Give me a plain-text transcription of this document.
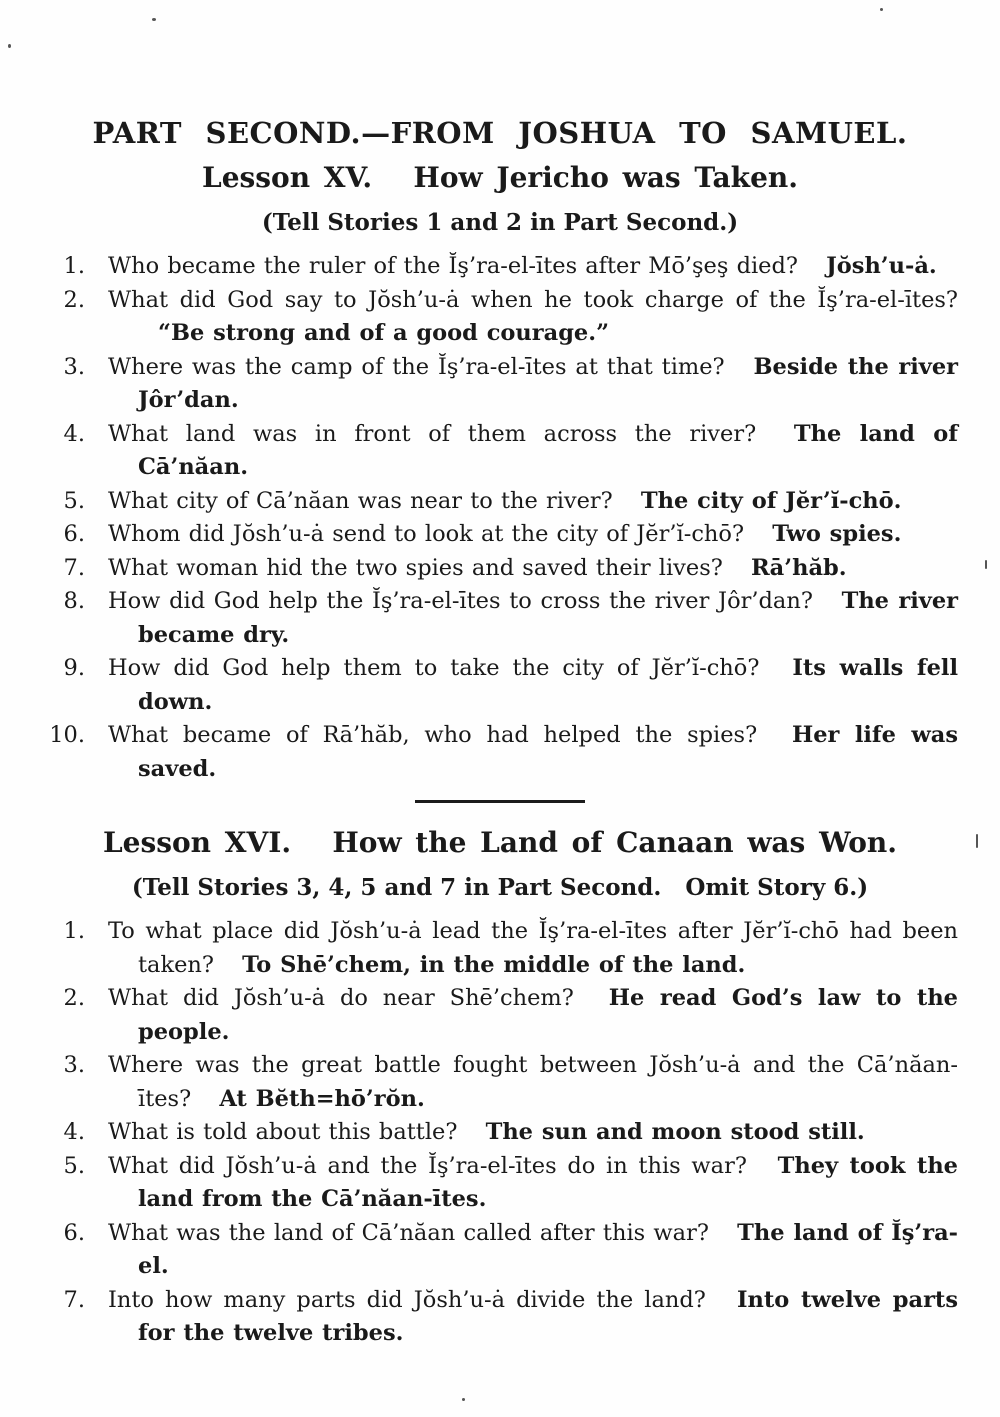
PART SECOND.—FROM JOSHUA TO SAMUEL.
Lesson XV.   How Jericho was Taken.

(Tell Stories 1 and 2 in Part Second.)

1. Who became the ruler of the Ĭş’ra-el-ītes after Mō’şeş died? Jŏsh’u-ȧ.

2. What did God say to Jŏsh’u-ȧ when he took charge of the Ĭş’ra-el-ītes? “Be strong and of a good courage.”

3. Where was the camp of the Ĭş’ra-el-ītes at that time? Beside the river Jôr’dan.

4. What land was in front of them across the river? The land of Cā’năan.

5. What city of Cā’năan was near to the river? The city of Jĕr’ĭ-chō.

6. Whom did Jŏsh’u-ȧ send to look at the city of Jĕr’ĭ-chō? Two spies.

7. What woman hid the two spies and saved their lives? Rā’hăb.

8. How did God help the Ĭş’ra-el-ītes to cross the river Jôr’dan? The river became dry.

9. How did God help them to take the city of Jĕr’ĭ-chō? Its walls fell down.

10. What became of Rā’hăb, who had helped the spies? Her life was saved.

Lesson XVI.   How the Land of Canaan was Won.

(Tell Stories 3, 4, 5 and 7 in Part Second.   Omit Story 6.)

1. To what place did Jŏsh’u-ȧ lead the Ĭş’ra-el-ītes after Jĕr’ĭ-chō had been taken? To Shē’chem, in the middle of the land.

2. What did Jŏsh’u-ȧ do near Shē’chem? He read God’s law to the people.

3. Where was the great battle fought between Jŏsh’u-ȧ and the Cā’năan-ītes? At Bĕth=hō’rŏn.

4. What is told about this battle? The sun and moon stood still.

5. What did Jŏsh’u-ȧ and the Ĭş’ra-el-ītes do in this war? They took the land from the Cā’năan-ītes.

6. What was the land of Cā’năan called after this war? The land of Ĭş’ra-el.

7. Into how many parts did Jŏsh’u-ȧ divide the land? Into twelve parts for the twelve tribes.
